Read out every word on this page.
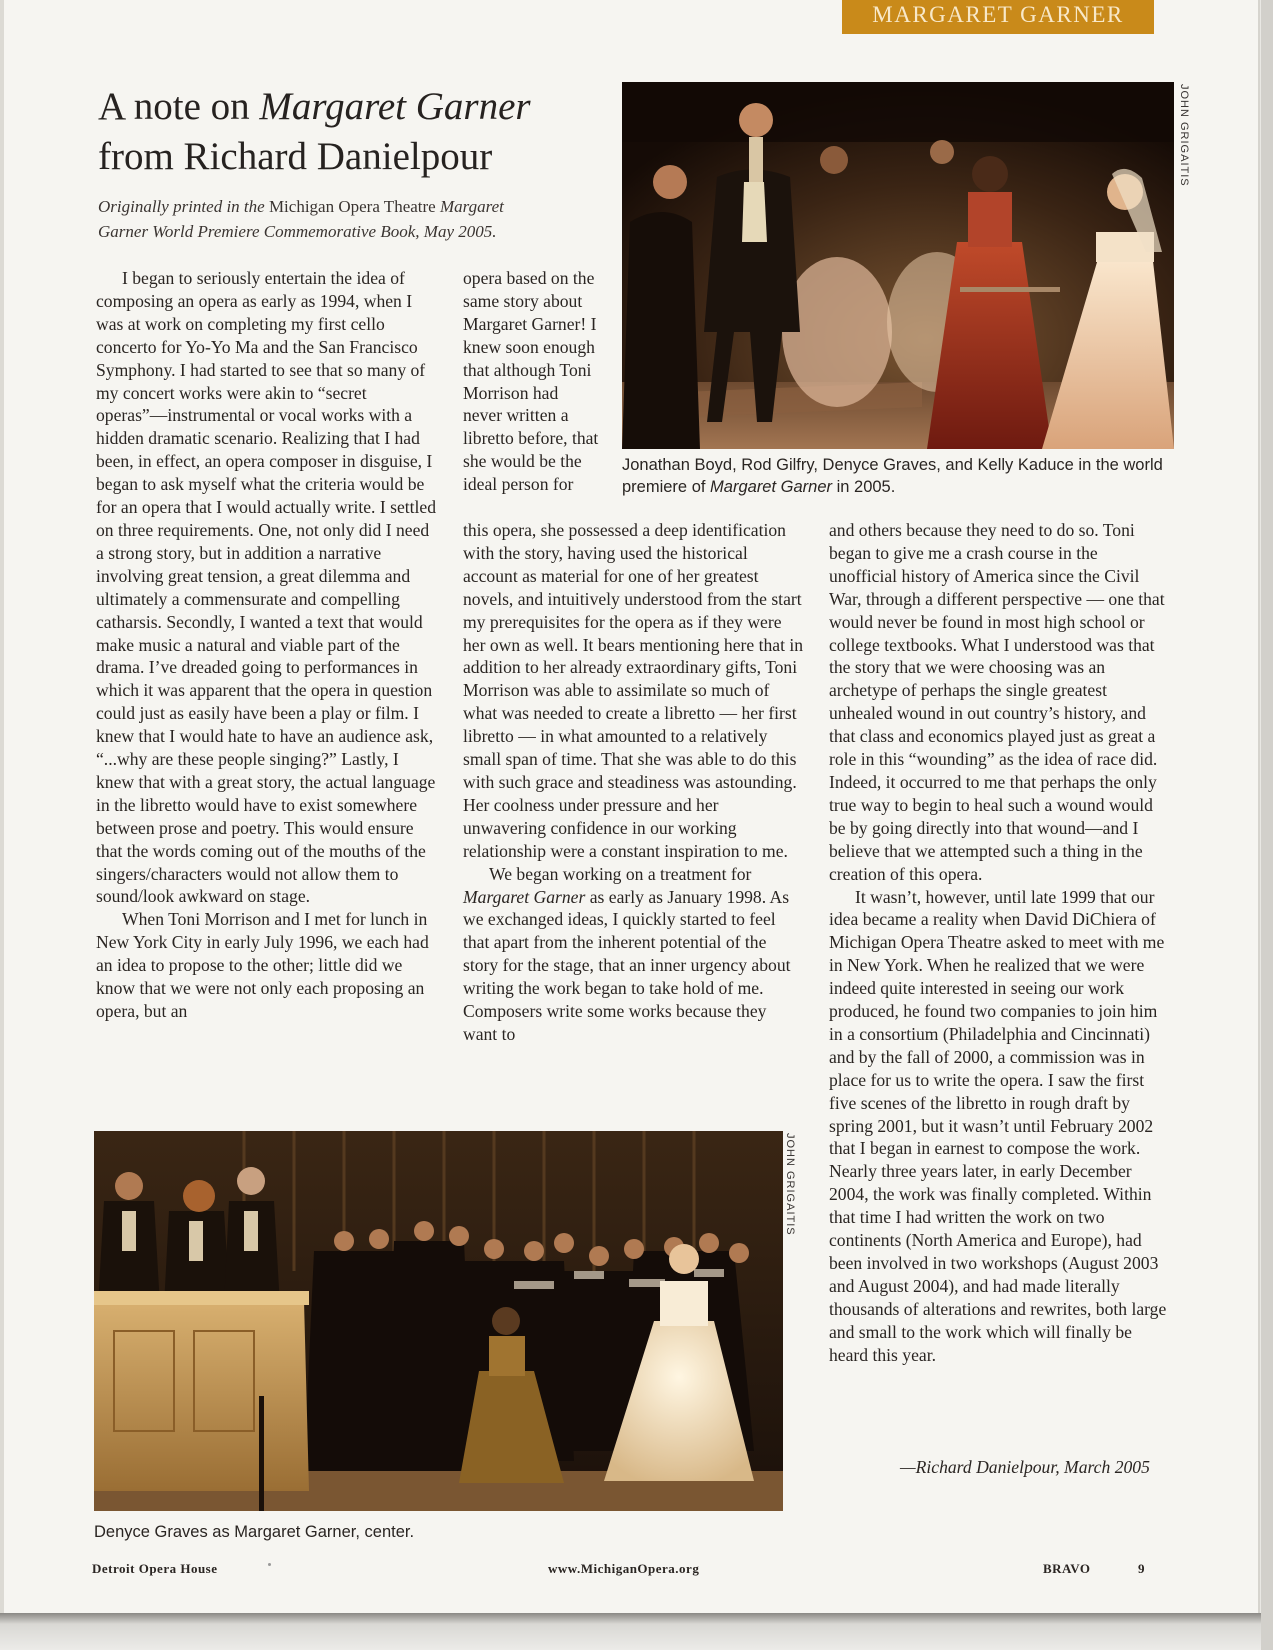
MARGARET GARNER
A note on Margaret Garner
from Richard Danielpour

Originally printed in the Michigan Opera Theatre Margaret Garner World Premiere Commemorative Book, May 2005.

I began to seriously entertain the idea of composing an opera as early as 1994, when I was at work on completing my first cello concerto for Yo-Yo Ma and the San Francisco Symphony. I had started to see that so many of my concert works were akin to “secret operas”—instrumental or vocal works with a hidden dramatic scenario. Realizing that I had been, in effect, an opera composer in disguise, I began to ask myself what the criteria would be for an opera that I would actually write. I settled on three requirements. One, not only did I need a strong story, but in addition a narrative involving great tension, a great dilemma and ultimately a commensurate and compelling catharsis. Secondly, I wanted a text that would make music a natural and viable part of the drama. I’ve dreaded going to performances in which it was apparent that the opera in question could just as easily have been a play or film. I knew that I would hate to have an audience ask, “...why are these people singing?” Lastly, I knew that with a great story, the actual language in the libretto would have to exist somewhere between prose and poetry. This would ensure that the words coming out of the mouths of the singers/characters would not allow them to sound/look awkward on stage.

When Toni Morrison and I met for lunch in New York City in early July 1996, we each had an idea to propose to the other; little did we know that we were not only each proposing an opera, but an

opera based on the same story about Margaret Garner! I knew soon enough that although Toni Morrison had never written a libretto before, that she would be the ideal person for

this opera, she possessed a deep identification with the story, having used the historical account as material for one of her greatest novels, and intuitively understood from the start my prerequisites for the opera as if they were her own as well. It bears mentioning here that in addition to her already extraordinary gifts, Toni Morrison was able to assimilate so much of what was needed to create a libretto — her first libretto — in what amounted to a relatively small span of time. That she was able to do this with such grace and steadiness was astounding. Her coolness under pressure and her unwavering confidence in our working relationship were a constant inspiration to me.

We began working on a treatment for Margaret Garner as early as January 1998. As we exchanged ideas, I quickly started to feel that apart from the inherent potential of the story for the stage, that an inner urgency about writing the work began to take hold of me. Composers write some works because they want to

and others because they need to do so. Toni began to give me a crash course in the unofficial history of America since the Civil War, through a different perspective — one that would never be found in most high school or college textbooks. What I understood was that the story that we were choosing was an archetype of perhaps the single greatest unhealed wound in out country’s history, and that class and economics played just as great a role in this “wounding” as the idea of race did. Indeed, it occurred to me that perhaps the only true way to begin to heal such a wound would be by going directly into that wound—and I believe that we attempted such a thing in the creation of this opera.

It wasn’t, however, until late 1999 that our idea became a reality when David DiChiera of Michigan Opera Theatre asked to meet with me in New York. When he realized that we were indeed quite interested in seeing our work produced, he found two companies to join him in a consortium (Philadelphia and Cincinnati) and by the fall of 2000, a commission was in place for us to write the opera. I saw the first five scenes of the libretto in rough draft by spring 2001, but it wasn’t until February 2002 that I began in earnest to compose the work. Nearly three years later, in early December 2004, the work was finally completed. Within that time I had written the work on two continents (North America and Europe), had been involved in two workshops (August 2003 and August 2004), and had made literally thousands of alterations and rewrites, both large and small to the work which will finally be heard this year.

—Richard Danielpour, March 2005
JOHN GRIGAITIS

Jonathan Boyd, Rod Gilfry, Denyce Graves, and Kelly Kaduce in the world premiere of Margaret Garner in 2005.

JOHN GRIGAITIS

Denyce Graves as Margaret Garner, center.

Detroit Opera House	www.MichiganOpera.org	BRAVO	9
